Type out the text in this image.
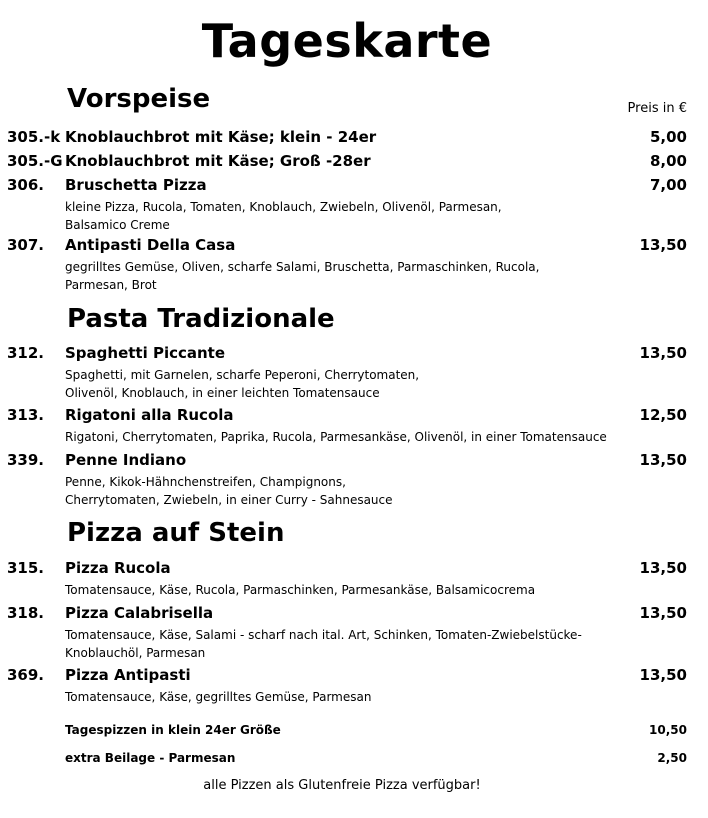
Tageskarte
Vorspeise	Preis in €
305.-k Knoblauchbrot mit Käse; klein - 24er	5,00
305.-G Knoblauchbrot mit Käse; Groß -28er	8,00
306. Bruschetta Pizza	7,00
kleine Pizza, Rucola, Tomaten, Knoblauch, Zwiebeln, Olivenöl, Parmesan,
Balsamico Creme
307. Antipasti Della Casa	13,50
gegrilltes Gemüse, Oliven, scharfe Salami, Bruschetta, Parmaschinken, Rucola,
Parmesan, Brot
Pasta Tradizionale
312. Spaghetti Piccante	13,50
Spaghetti, mit Garnelen, scharfe Peperoni, Cherrytomaten,
Olivenöl, Knoblauch, in einer leichten Tomatensauce
313. Rigatoni alla Rucola	12,50
Rigatoni, Cherrytomaten, Paprika, Rucola, Parmesankäse, Olivenöl, in einer Tomatensauce
339. Penne Indiano	13,50
Penne, Kikok-Hähnchenstreifen, Champignons,
Cherrytomaten, Zwiebeln, in einer Curry - Sahnesauce
Pizza auf Stein
315. Pizza Rucola	13,50
Tomatensauce, Käse, Rucola, Parmaschinken, Parmesankäse, Balsamicocrema
318. Pizza Calabrisella	13,50
Tomatensauce, Käse, Salami - scharf nach ital. Art, Schinken, Tomaten-Zwiebelstücke-
Knoblauchöl, Parmesan
369. Pizza Antipasti	13,50
Tomatensauce, Käse, gegrilltes Gemüse, Parmesan
Tagespizzen in klein 24er Größe	10,50
extra Beilage - Parmesan	2,50
alle Pizzen als Glutenfreie Pizza verfügbar!
